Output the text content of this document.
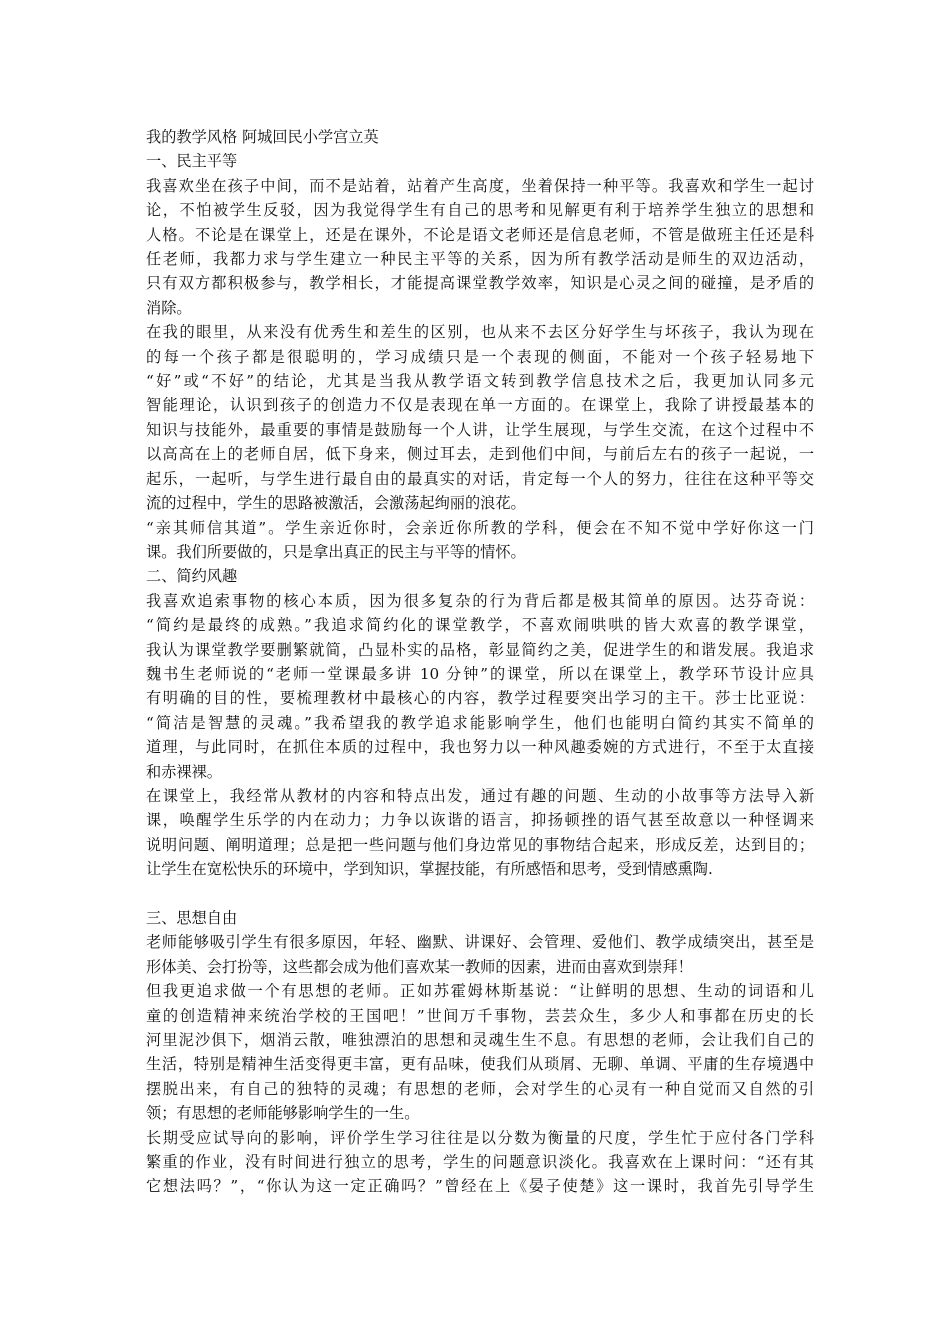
我的教学风格 阿城回民小学宫立英
一、民主平等
我喜欢坐在孩子中间，而不是站着，站着产生高度，坐着保持一种平等。我喜欢和学生一起讨
论，不怕被学生反驳，因为我觉得学生有自己的思考和见解更有利于培养学生独立的思想和
人格。不论是在课堂上，还是在课外，不论是语文老师还是信息老师，不管是做班主任还是科
任老师，我都力求与学生建立一种民主平等的关系，因为所有教学活动是师生的双边活动，
只有双方都积极参与，教学相长，才能提高课堂教学效率，知识是心灵之间的碰撞，是矛盾的
消除。
在我的眼里，从来没有优秀生和差生的区别，也从来不去区分好学生与坏孩子，我认为现在
的每一个孩子都是很聪明的，学习成绩只是一个表现的侧面，不能对一个孩子轻易地下
“好”或“不好”的结论，尤其是当我从教学语文转到教学信息技术之后，我更加认同多元
智能理论，认识到孩子的创造力不仅是表现在单一方面的。在课堂上，我除了讲授最基本的
知识与技能外，最重要的事情是鼓励每一个人讲，让学生展现，与学生交流，在这个过程中不
以高高在上的老师自居，低下身来，侧过耳去，走到他们中间，与前后左右的孩子一起说，一
起乐，一起听，与学生进行最自由的最真实的对话，肯定每一个人的努力，往往在这种平等交
流的过程中，学生的思路被激活，会激荡起绚丽的浪花。
“亲其师信其道”。学生亲近你时，会亲近你所教的学科，便会在不知不觉中学好你这一门
课。我们所要做的，只是拿出真正的民主与平等的情怀。
二、简约风趣
我喜欢追索事物的核心本质，因为很多复杂的行为背后都是极其简单的原因。达芬奇说：
“简约是最终的成熟。”我追求简约化的课堂教学，不喜欢闹哄哄的皆大欢喜的教学课堂，
我认为课堂教学要删繁就简，凸显朴实的品格，彰显简约之美，促进学生的和谐发展。我追求
魏书生老师说的“老师一堂课最多讲 10 分钟”的课堂，所以在课堂上，教学环节设计应具
有明确的目的性，要梳理教材中最核心的内容，教学过程要突出学习的主干。莎士比亚说：
“简洁是智慧的灵魂。”我希望我的教学追求能影响学生，他们也能明白简约其实不简单的
道理，与此同时，在抓住本质的过程中，我也努力以一种风趣委婉的方式进行，不至于太直接
和赤裸裸。
在课堂上，我经常从教材的内容和特点出发，通过有趣的问题、生动的小故事等方法导入新
课，唤醒学生乐学的内在动力；力争以诙谐的语言，抑扬顿挫的语气甚至故意以一种怪调来
说明问题、阐明道理；总是把一些问题与他们身边常见的事物结合起来，形成反差，达到目的；
让学生在宽松快乐的环境中，学到知识，掌握技能，有所感悟和思考，受到情感熏陶.
三、思想自由
老师能够吸引学生有很多原因，年轻、幽默、讲课好、会管理、爱他们、教学成绩突出，甚至是
形体美、会打扮等，这些都会成为他们喜欢某一教师的因素，进而由喜欢到崇拜！
但我更追求做一个有思想的老师。正如苏霍姆林斯基说：“让鲜明的思想、生动的词语和儿
童的创造精神来统治学校的王国吧！”世间万千事物，芸芸众生，多少人和事都在历史的长
河里泥沙俱下，烟消云散，唯独漂泊的思想和灵魂生生不息。有思想的老师，会让我们自己的
生活，特别是精神生活变得更丰富，更有品味，使我们从琐屑、无聊、单调、平庸的生存境遇中
摆脱出来，有自己的独特的灵魂；有思想的老师，会对学生的心灵有一种自觉而又自然的引
领；有思想的老师能够影响学生的一生。
长期受应试导向的影响，评价学生学习往往是以分数为衡量的尺度，学生忙于应付各门学科
繁重的作业，没有时间进行独立的思考，学生的问题意识淡化。我喜欢在上课时问：“还有其
它想法吗？”，“你认为这一定正确吗？”曾经在上《晏子使楚》这一课时，我首先引导学生
